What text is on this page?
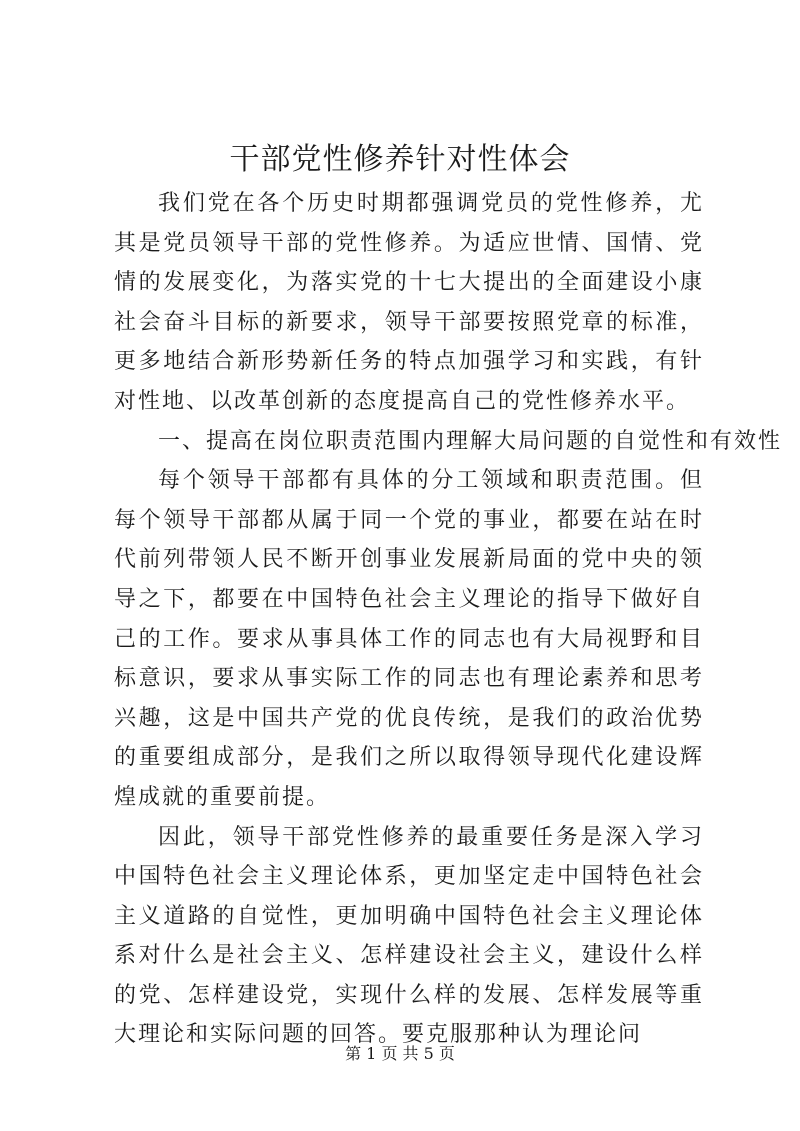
干部党性修养针对性体会

我们党在各个历史时期都强调党员的党性修养，尤其是党员领导干部的党性修养。为适应世情、国情、党情的发展变化，为落实党的十七大提出的全面建设小康社会奋斗目标的新要求，领导干部要按照党章的标准，更多地结合新形势新任务的特点加强学习和实践，有针对性地、以改革创新的态度提高自己的党性修养水平。

一、提高在岗位职责范围内理解大局问题的自觉性和有效性

每个领导干部都有具体的分工领域和职责范围。但每个领导干部都从属于同一个党的事业，都要在站在时代前列带领人民不断开创事业发展新局面的党中央的领导之下，都要在中国特色社会主义理论的指导下做好自己的工作。要求从事具体工作的同志也有大局视野和目标意识，要求从事实际工作的同志也有理论素养和思考兴趣，这是中国共产党的优良传统，是我们的政治优势的重要组成部分，是我们之所以取得领导现代化建设辉煌成就的重要前提。

因此，领导干部党性修养的最重要任务是深入学习中国特色社会主义理论体系，更加坚定走中国特色社会主义道路的自觉性，更加明确中国特色社会主义理论体系对什么是社会主义、怎样建设社会主义，建设什么样的党、怎样建设党，实现什么样的发展、怎样发展等重大理论和实际问题的回答。要克服那种认为理论问

第 1 页 共 5 页
